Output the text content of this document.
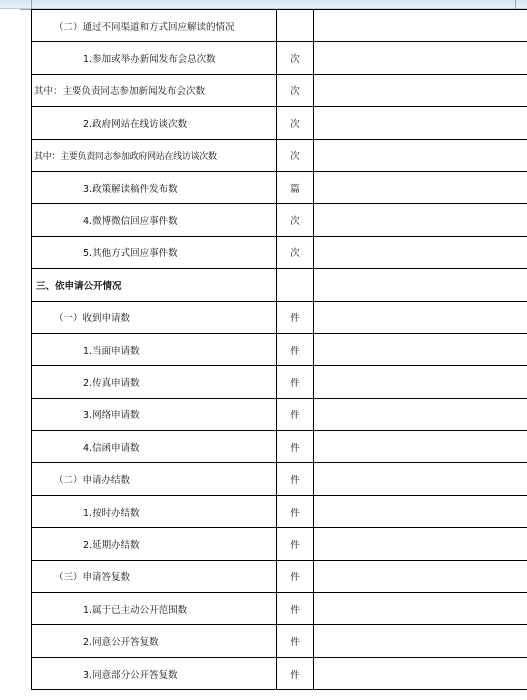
（二）通过不同渠道和方式回应解读的情况		
1.参加或举办新闻发布会总次数	次	
其中：主要负责同志参加新闻发布会次数	次	
2.政府网站在线访谈次数	次	
其中：主要负责同志参加政府网站在线访谈次数	次	
3.政策解读稿件发布数	篇	
4.微博微信回应事件数	次	
5.其他方式回应事件数	次	
三、依申请公开情况		
（一）收到申请数	件	
1.当面申请数	件	
2.传真申请数	件	
3.网络申请数	件	
4.信函申请数	件	
（二）申请办结数	件	
1.按时办结数	件	
2.延期办结数	件	
（三）申请答复数	件	
1.属于已主动公开范围数	件	
2.同意公开答复数	件	
3.同意部分公开答复数	件	
